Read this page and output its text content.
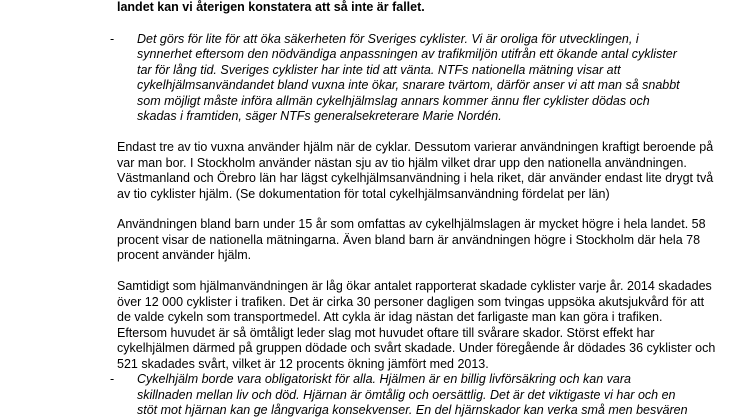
landet kan vi återigen konstatera att så inte är fallet.
- Det görs för lite för att öka säkerheten för Sveriges cyklister. Vi är oroliga för utvecklingen, i
synnerhet eftersom den nödvändiga anpassningen av trafikmiljön utifrån ett ökande antal cyklister
tar för lång tid. Sveriges cyklister har inte tid att vänta. NTFs nationella mätning visar att
cykelhjälmsanvändandet bland vuxna inte ökar, snarare tvärtom, därför anser vi att man så snabbt
som möjligt måste införa allmän cykelhjälmslag annars kommer ännu fler cyklister dödas och
skadas i framtiden, säger NTFs generalsekreterare Marie Nordén.
Endast tre av tio vuxna använder hjälm när de cyklar. Dessutom varierar användningen kraftigt beroende på
var man bor. I Stockholm använder nästan sju av tio hjälm vilket drar upp den nationella användningen.
Västmanland och Örebro län har lägst cykelhjälmsanvändning i hela riket, där använder endast lite drygt två
av tio cyklister hjälm. (Se dokumentation för total cykelhjälmsanvändning fördelat per län)
Användningen bland barn under 15 år som omfattas av cykelhjälmslagen är mycket högre i hela landet. 58
procent visar de nationella mätningarna. Även bland barn är användningen högre i Stockholm där hela 78
procent använder hjälm.
Samtidigt som hjälmanvändningen är låg ökar antalet rapporterat skadade cyklister varje år. 2014 skadades
över 12 000 cyklister i trafiken. Det är cirka 30 personer dagligen som tvingas uppsöka akutsjukvård för att
de valde cykeln som transportmedel. Att cykla är idag nästan det farligaste man kan göra i trafiken.
Eftersom huvudet är så ömtåligt leder slag mot huvudet oftare till svårare skador. Störst effekt har
cykelhjälmen därmed på gruppen dödade och svårt skadade. Under föregående år dödades 36 cyklister och
521 skadades svårt, vilket är 12 procents ökning jämfört med 2013.
- Cykelhjälm borde vara obligatoriskt för alla. Hjälmen är en billig livförsäkring och kan vara
skillnaden mellan liv och död. Hjärnan är ömtålig och oersättlig. Det är det viktigaste vi har och en
stöt mot hjärnan kan ge långvariga konsekvenser. En del hjärnskador kan verka små men besvären
